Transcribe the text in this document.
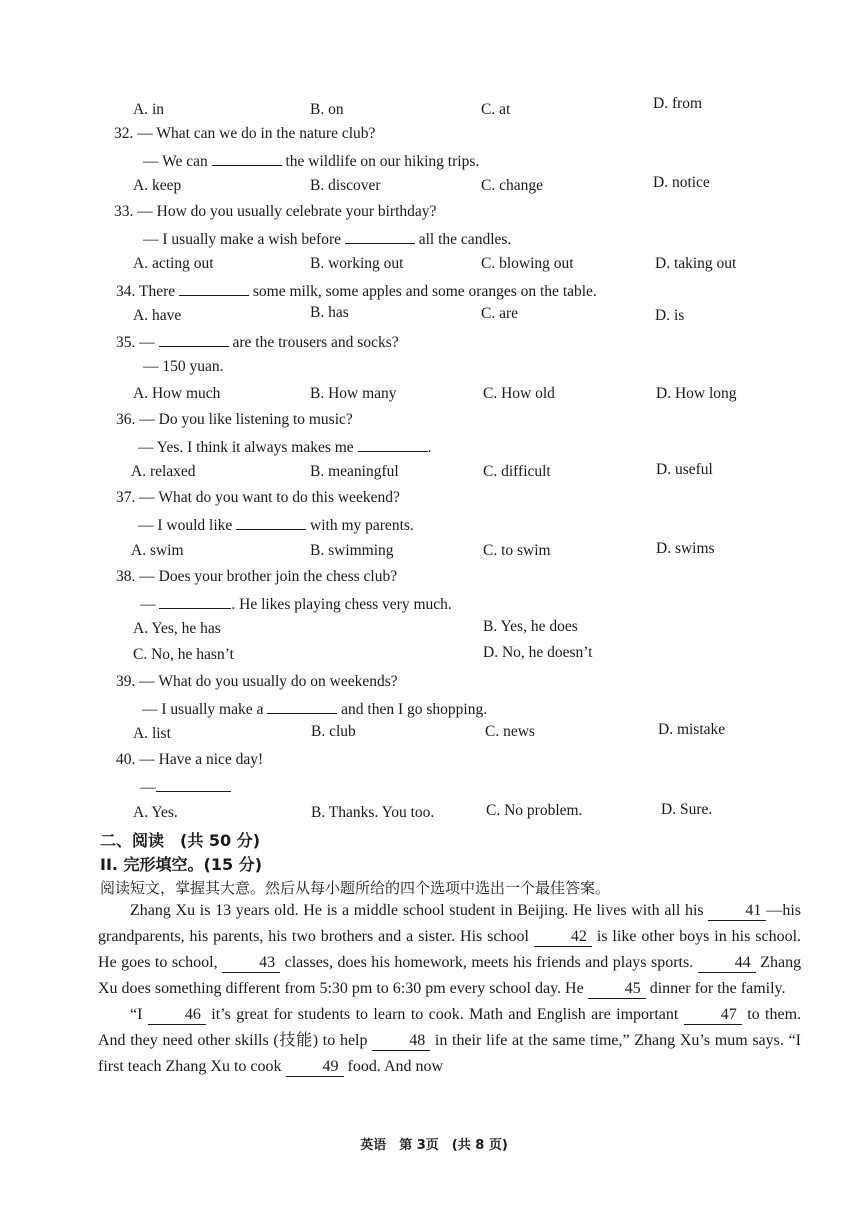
A. in	B. on	C. at	D. from
32. — What can we do in the nature club?
— We can	the wildlife on our hiking trips.
A. keep	B. discover	C. change	D. notice
33. — How do you usually celebrate your birthday?
— I usually make a wish before	all the candles.
A. acting out	B. working out	C. blowing out	D. taking out
34. There	some milk, some apples and some oranges on the table.
A. have	B. has	C. are	D. is
35. —	are the trousers and socks?
— 150 yuan.
A. How much	B. How many	C. How old	D. How long
36. — Do you like listening to music?
— Yes. I think it always makes me	.
A. relaxed	B. meaningful	C. difficult	D. useful
37. — What do you want to do this weekend?
— I would like	with my parents.
A. swim	B. swimming	C. to swim	D. swims
38. — Does your brother join the chess club?
—	. He likes playing chess very much.
A. Yes, he has	B. Yes, he does
C. No, he hasn’t	D. No, he doesn’t
39. — What do you usually do on weekends?
— I usually make a	and then I go shopping.
A. list	B. club	C. news	D. mistake
40. — Have a nice day!
—
A. Yes.	B. Thanks. You too.	C. No problem.	D. Sure.
二、阅读　(共 50 分)
II. 完形填空。(15 分)
阅读短文，掌握其大意。然后从每小题所给的四个选项中选出一个最佳答案。

Zhang Xu is 13 years old. He is a middle school student in Beijing. He lives with all his	41 —his grandparents, his parents, his two brothers and a sister. His school	42 is like other boys in his school. He goes to school,	43 classes, does his homework, meets his friends and plays sports.	44 Zhang Xu does something different from 5:30 pm to 6:30 pm every school day. He	45 dinner for the family.

“I	46 it’s great for students to learn to cook. Math and English are important	47 to them. And they need other skills (技能) to help	48 in their life at the same time,” Zhang Xu’s mum says. “I first teach Zhang Xu to cook	49 food. And now

英语　第 3页　(共 8 页)
